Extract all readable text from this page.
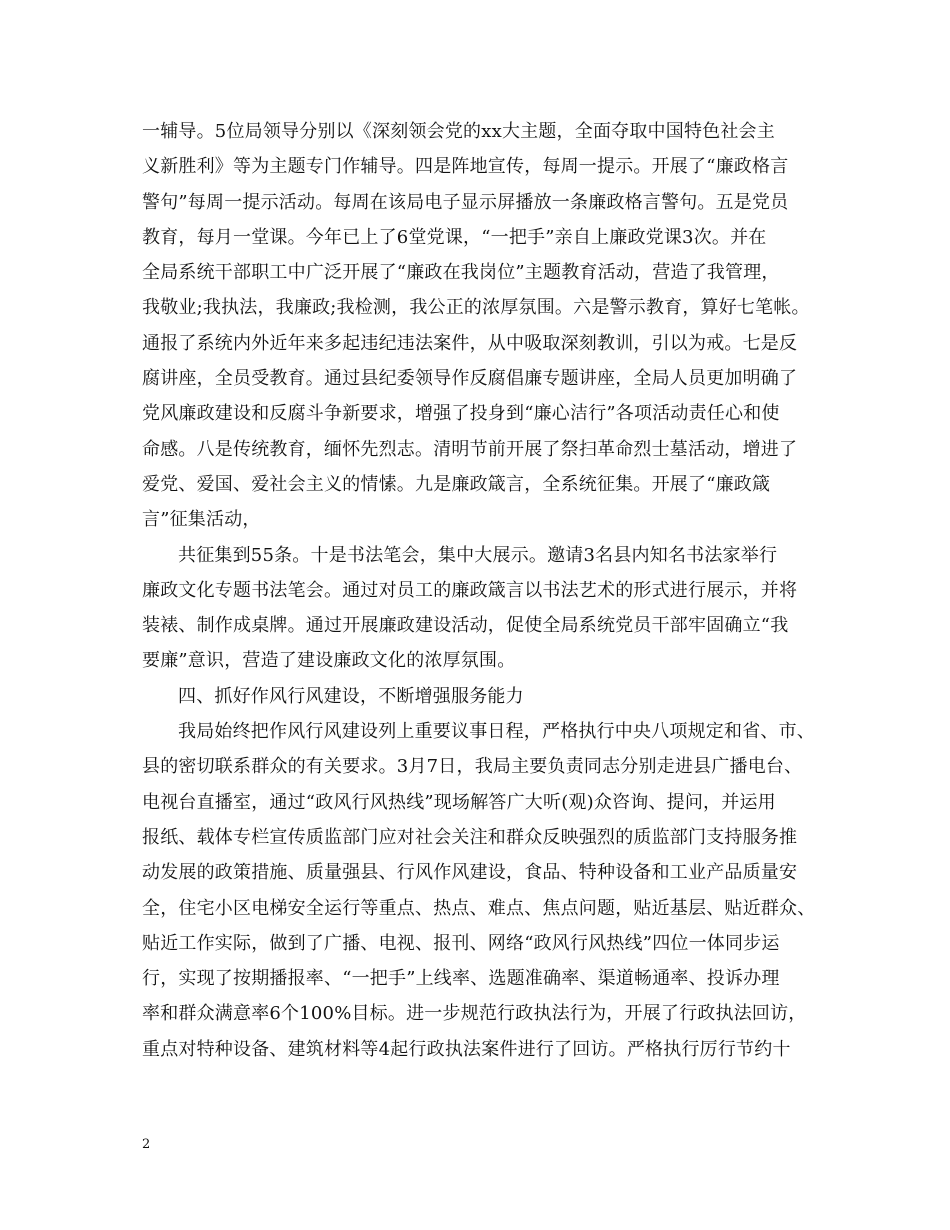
一辅导。5位局领导分别以《深刻领会党的xx大主题，全面夺取中国特色社会主
义新胜利》等为主题专门作辅导。四是阵地宣传，每周一提示。开展了“廉政格言
警句”每周一提示活动。每周在该局电子显示屏播放一条廉政格言警句。五是党员
教育，每月一堂课。今年已上了6堂党课，“一把手”亲自上廉政党课3次。并在
全局系统干部职工中广泛开展了“廉政在我岗位”主题教育活动，营造了我管理，
我敬业;我执法，我廉政;我检测，我公正的浓厚氛围。六是警示教育，算好七笔帐。
通报了系统内外近年来多起违纪违法案件，从中吸取深刻教训，引以为戒。七是反
腐讲座，全员受教育。通过县纪委领导作反腐倡廉专题讲座，全局人员更加明确了
党风廉政建设和反腐斗争新要求，增强了投身到“廉心洁行”各项活动责任心和使
命感。八是传统教育，缅怀先烈志。清明节前开展了祭扫革命烈士墓活动，增进了
爱党、爱国、爱社会主义的情愫。九是廉政箴言，全系统征集。开展了“廉政箴
言”征集活动，
共征集到55条。十是书法笔会，集中大展示。邀请3名县内知名书法家举行
廉政文化专题书法笔会。通过对员工的廉政箴言以书法艺术的形式进行展示，并将
装裱、制作成桌牌。通过开展廉政建设活动，促使全局系统党员干部牢固确立“我
要廉”意识，营造了建设廉政文化的浓厚氛围。
四、抓好作风行风建设，不断增强服务能力
我局始终把作风行风建设列上重要议事日程，严格执行中央八项规定和省、市、
县的密切联系群众的有关要求。3月7日，我局主要负责同志分别走进县广播电台、
电视台直播室，通过“政风行风热线”现场解答广大听(观)众咨询、提问，并运用
报纸、载体专栏宣传质监部门应对社会关注和群众反映强烈的质监部门支持服务推
动发展的政策措施、质量强县、行风作风建设，食品、特种设备和工业产品质量安
全，住宅小区电梯安全运行等重点、热点、难点、焦点问题，贴近基层、贴近群众、
贴近工作实际，做到了广播、电视、报刊、网络“政风行风热线”四位一体同步运
行，实现了按期播报率、“一把手”上线率、选题准确率、渠道畅通率、投诉办理
率和群众满意率6个100%目标。进一步规范行政执法行为，开展了行政执法回访，
重点对特种设备、建筑材料等4起行政执法案件进行了回访。严格执行厉行节约十
2
